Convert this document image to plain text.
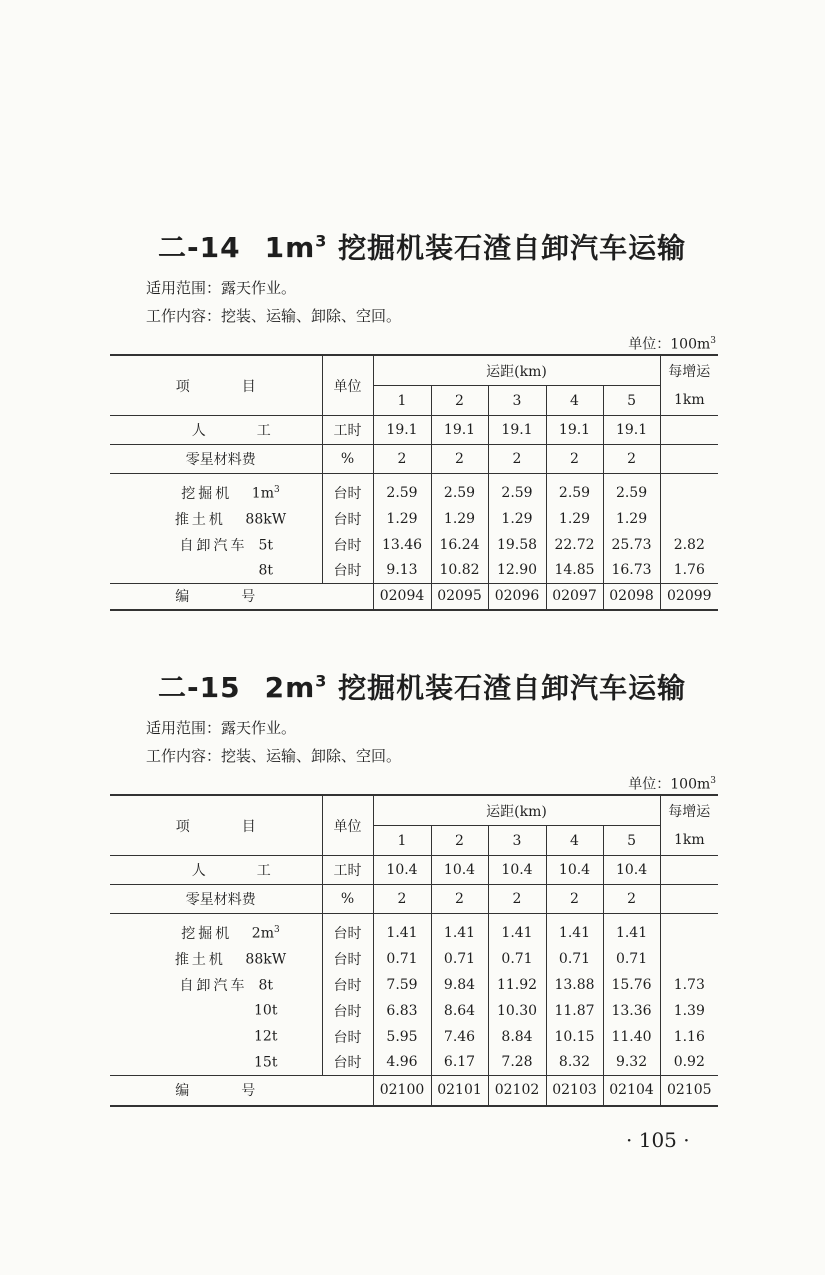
二-14 $1m^3$ 挖掘机装石渣自卸汽车运输
适用范围：露天作业。
工作内容：挖装、运输、卸除、空回。
单位：$100m^3$
项 目	单位	运距(km)					每增运
		1	2	3	4	5	1km
人 工	工时	19.1	19.1	19.1	19.1	19.1	
零星材料费	%	2	2	2	2	2	
挖掘机 $1m^3$	台时	2.59	2.59	2.59	2.59	2.59	
推土机 88kW	台时	1.29	1.29	1.29	1.29	1.29	
自卸汽车 5t	台时	13.46	16.24	19.58	22.72	25.73	2.82
8t	台时	9.13	10.82	12.90	14.85	16.73	1.76
编号		02094	02095	02096	02097	02098	02099
二-15 $2m^3$ 挖掘机装石渣自卸汽车运输
适用范围：露天作业。
工作内容：挖装、运输、卸除、空回。
单位：$100m^3$
项 目	单位	运距(km)					每增运
		1	2	3	4	5	1km
人 工	工时	10.4	10.4	10.4	10.4	10.4	
零星材料费	%	2	2	2	2	2	
挖掘机 $2m^3$	台时	1.41	1.41	1.41	1.41	1.41	
推土机 88kW	台时	0.71	0.71	0.71	0.71	0.71	
自卸汽车 8t	台时	7.59	9.84	11.92	13.88	15.76	1.73
10t	台时	6.83	8.64	10.30	11.87	13.36	1.39
12t	台时	5.95	7.46	8.84	10.15	11.40	1.16
15t	台时	4.96	6.17	7.28	8.32	9.32	0.92
编号		02100	02101	02102	02103	02104	02105
· 105 ·
